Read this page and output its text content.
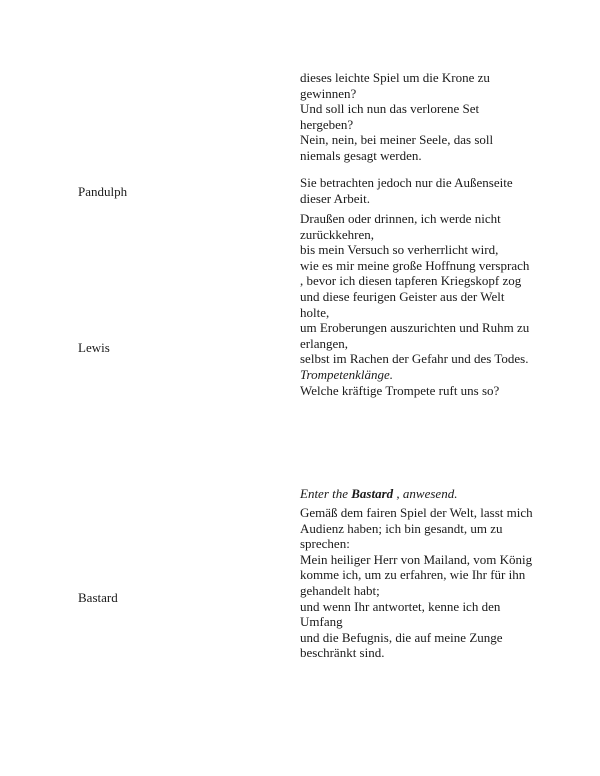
dieses leichte Spiel um die Krone zu gewinnen?
Und soll ich nun das verlorene Set hergeben?
Nein, nein, bei meiner Seele, das soll niemals gesagt werden.
Pandulph
Sie betrachten jedoch nur die Außenseite dieser Arbeit.
Lewis
Draußen oder drinnen, ich werde nicht zurückkehren,
bis mein Versuch so verherrlicht wird,
wie es mir meine große Hoffnung versprach
, bevor ich diesen tapferen Kriegskopf zog
und diese feurigen Geister aus der Welt holte,
um Eroberungen auszurichten und Ruhm zu erlangen,
selbst im Rachen der Gefahr und des Todes. Trompetenklänge.
Welche kräftige Trompete ruft uns so?
Enter the Bastard , anwesend.
Bastard
Gemäß dem fairen Spiel der Welt, lasst mich Audienz haben; ich bin gesandt, um zu sprechen:
Mein heiliger Herr von Mailand, vom König
komme ich, um zu erfahren, wie Ihr für ihn gehandelt habt;
und wenn Ihr antwortet, kenne ich den Umfang
und die Befugnis, die auf meine Zunge beschränkt sind.
